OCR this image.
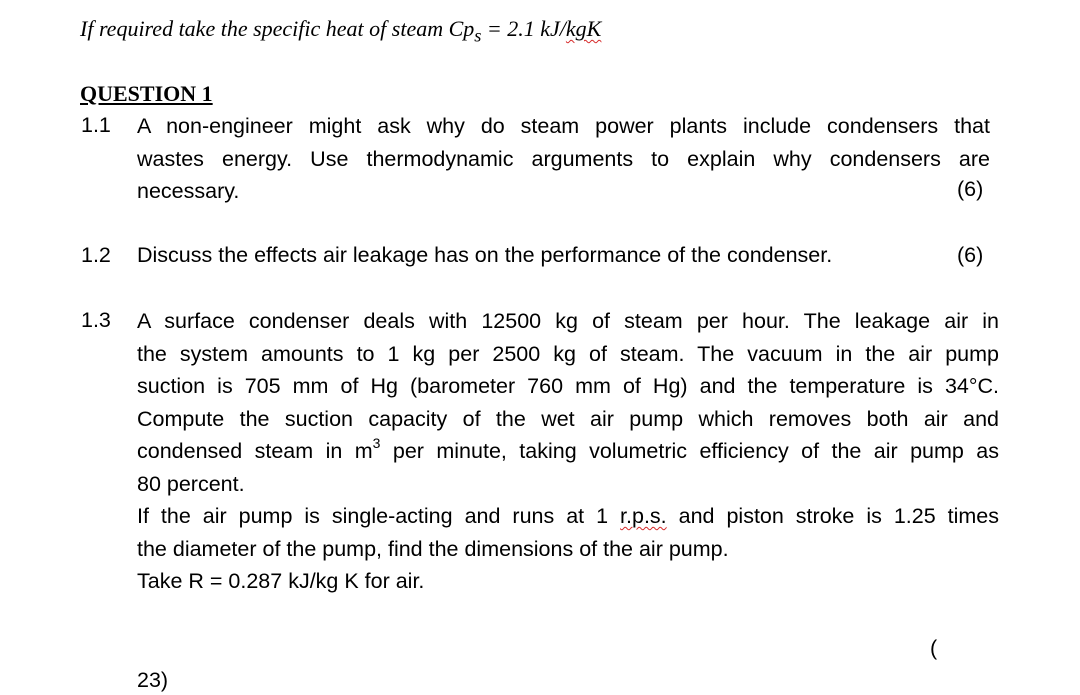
If required take the specific heat of steam $Cp_s = 2.1$ kJ/kgK
QUESTION 1
1.1 A non-engineer might ask why do steam power plants include condensers that
wastes energy. Use thermodynamic arguments to explain why condensers are
necessary.	(6)
1.2 Discuss the effects air leakage has on the performance of the condenser.	(6)
1.3 A surface condenser deals with 12500 kg of steam per hour. The leakage air in
the system amounts to 1 kg per 2500 kg of steam. The vacuum in the air pump
suction is 705 mm of Hg (barometer 760 mm of Hg) and the temperature is 34°C.
Compute the suction capacity of the wet air pump which removes both air and
condensed steam in $m^3$ per minute, taking volumetric efficiency of the air pump as
80 percent.
If the air pump is single-acting and runs at 1 r.p.s. and piston stroke is 1.25 times
the diameter of the pump, find the dimensions of the air pump.
Take R = 0.287 kJ/kg K for air.
(
23)
